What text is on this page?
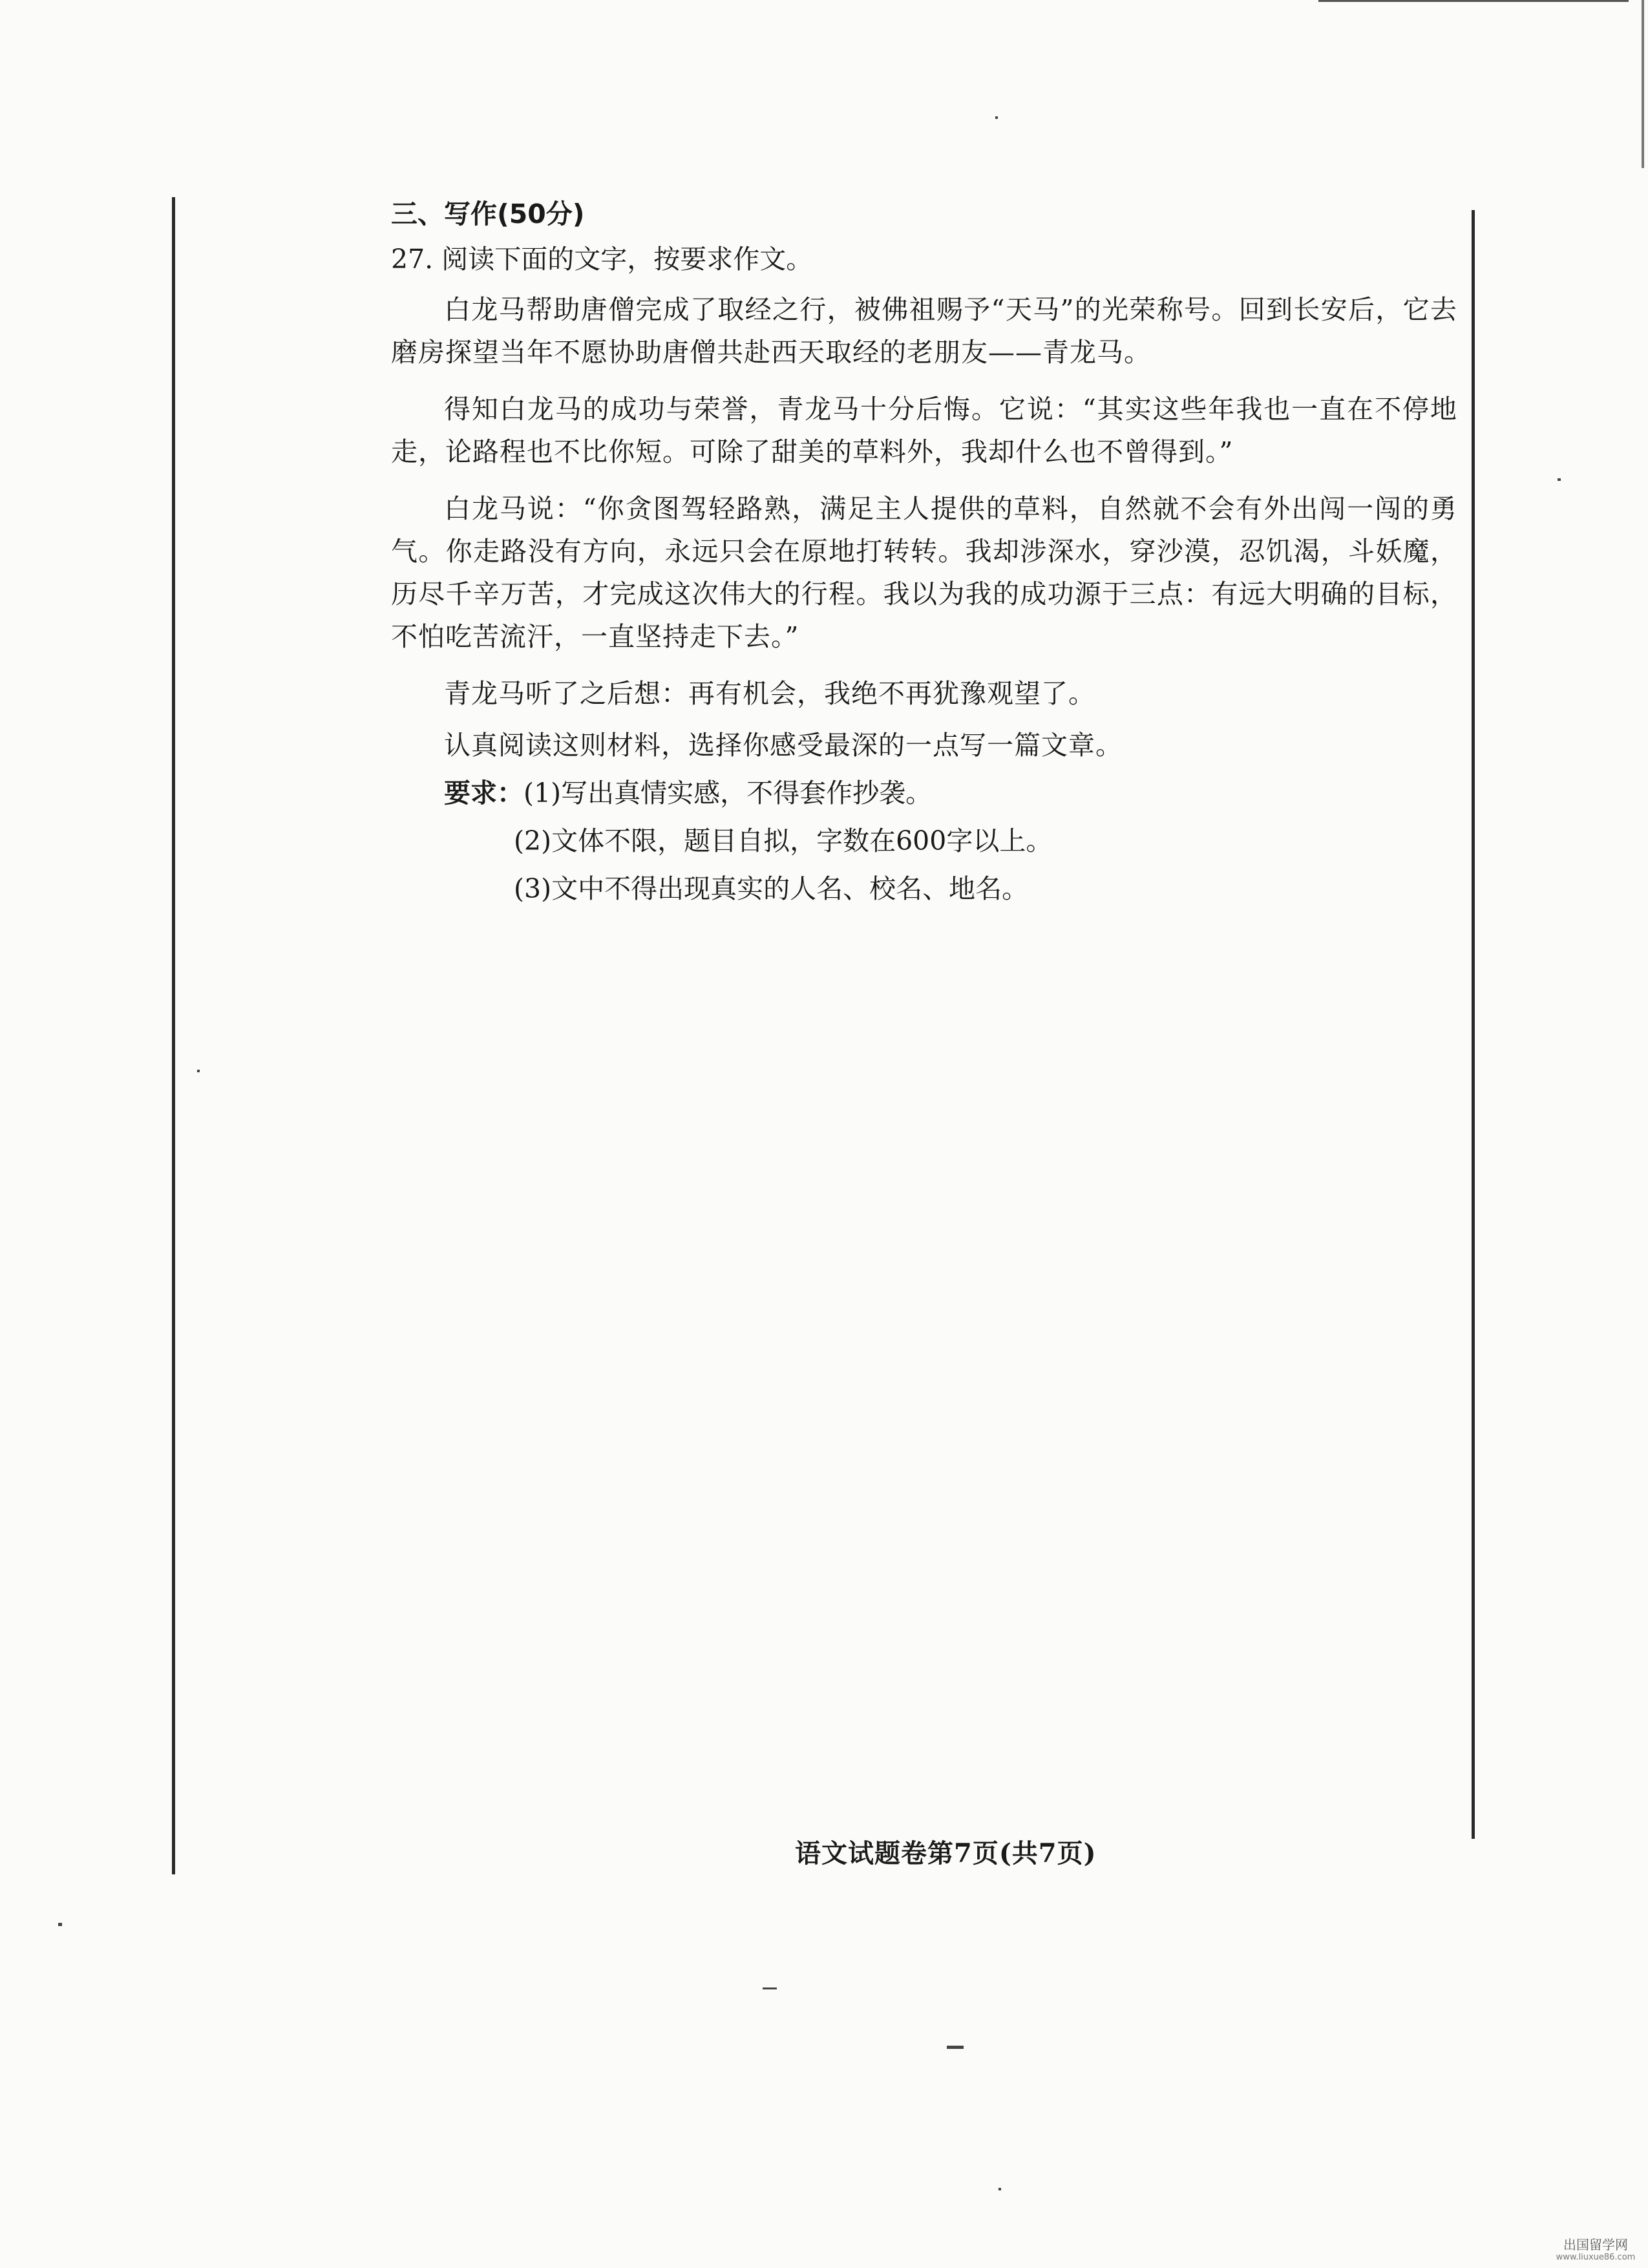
三、写作(50分)

27. 阅读下面的文字，按要求作文。

白龙马帮助唐僧完成了取经之行，被佛祖赐予“天马”的光荣称号。回到长安后，它去磨房探望当年不愿协助唐僧共赴西天取经的老朋友——青龙马。

得知白龙马的成功与荣誉，青龙马十分后悔。它说：“其实这些年我也一直在不停地走，论路程也不比你短。可除了甜美的草料外，我却什么也不曾得到。”

白龙马说：“你贪图驾轻路熟，满足主人提供的草料，自然就不会有外出闯一闯的勇气。你走路没有方向，永远只会在原地打转转。我却涉深水，穿沙漠，忍饥渴，斗妖魔，历尽千辛万苦，才完成这次伟大的行程。我以为我的成功源于三点：有远大明确的目标，不怕吃苦流汗，一直坚持走下去。”

青龙马听了之后想：再有机会，我绝不再犹豫观望了。

认真阅读这则材料，选择你感受最深的一点写一篇文章。

要求：(1)写出真情实感，不得套作抄袭。

(2)文体不限，题目自拟，字数在600字以上。

(3)文中不得出现真实的人名、校名、地名。

语文试题卷第7页(共7页)
出国留学网
www.liuxue86.com
